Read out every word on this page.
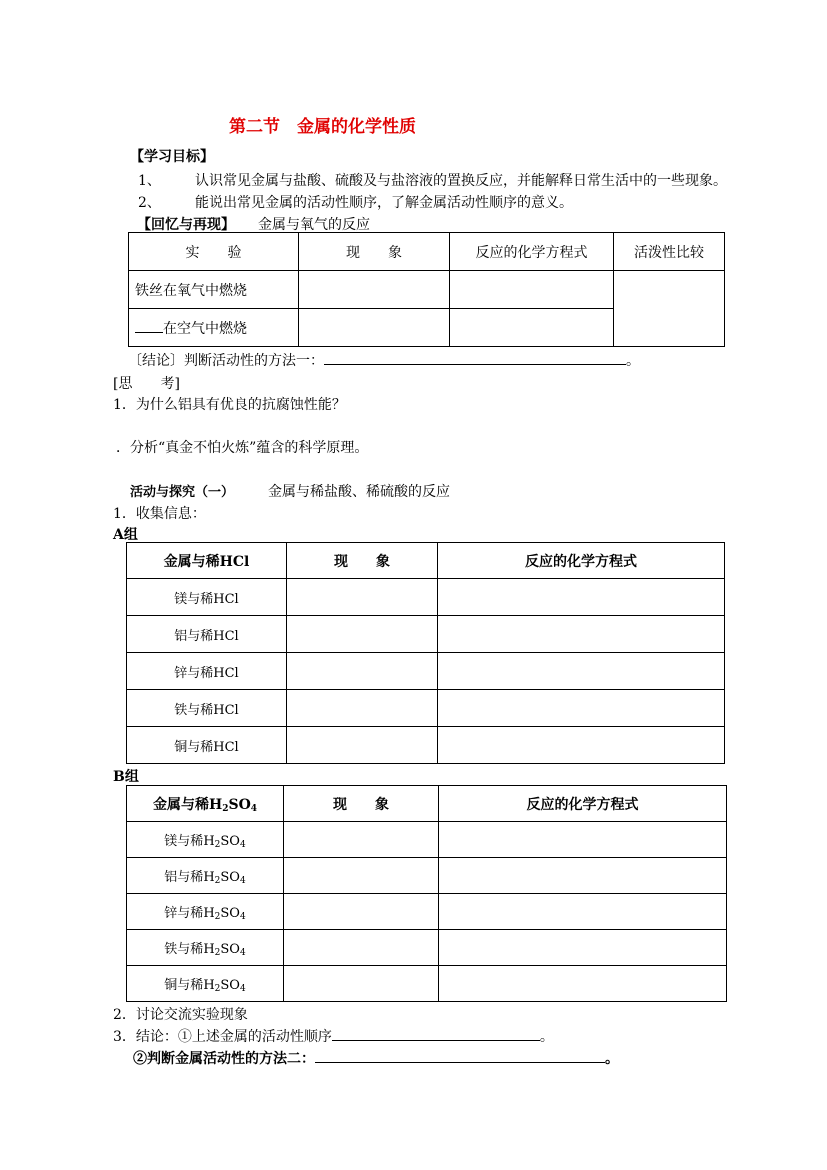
第二节　金属的化学性质
【学习目标】
1、 认识常见金属与盐酸、硫酸及与盐溶液的置换反应，并能解释日常生活中的一些现象。
2、 能说出常见金属的活动性顺序，了解金属活动性顺序的意义。
【回忆与再现】 金属与氧气的反应
实　　验	现　　象	反应的化学方程式	活泼性比较
铁丝在氧气中燃烧			
在空气中燃烧			
〔结论〕判断活动性的方法一：	。
[思　　考]
1．为什么铝具有优良的抗腐蚀性能？
．分析“真金不怕火炼”蕴含的科学原理。
活动与探究（一） 金属与稀盐酸、稀硫酸的反应
1．收集信息：
A组
金属与稀HCl	现　　象	反应的化学方程式
镁与稀HCl		
铝与稀HCl		
锌与稀HCl		
铁与稀HCl		
铜与稀HCl		
B组
金属与稀$H_2SO_4$	现　　象	反应的化学方程式
镁与稀$H_2SO_4$		
铝与稀$H_2SO_4$		
锌与稀$H_2SO_4$		
铁与稀$H_2SO_4$		
铜与稀$H_2SO_4$		
2．讨论交流实验现象
3．结论：①上述金属的活动性顺序	。
②判断金属活动性的方法二：	。
